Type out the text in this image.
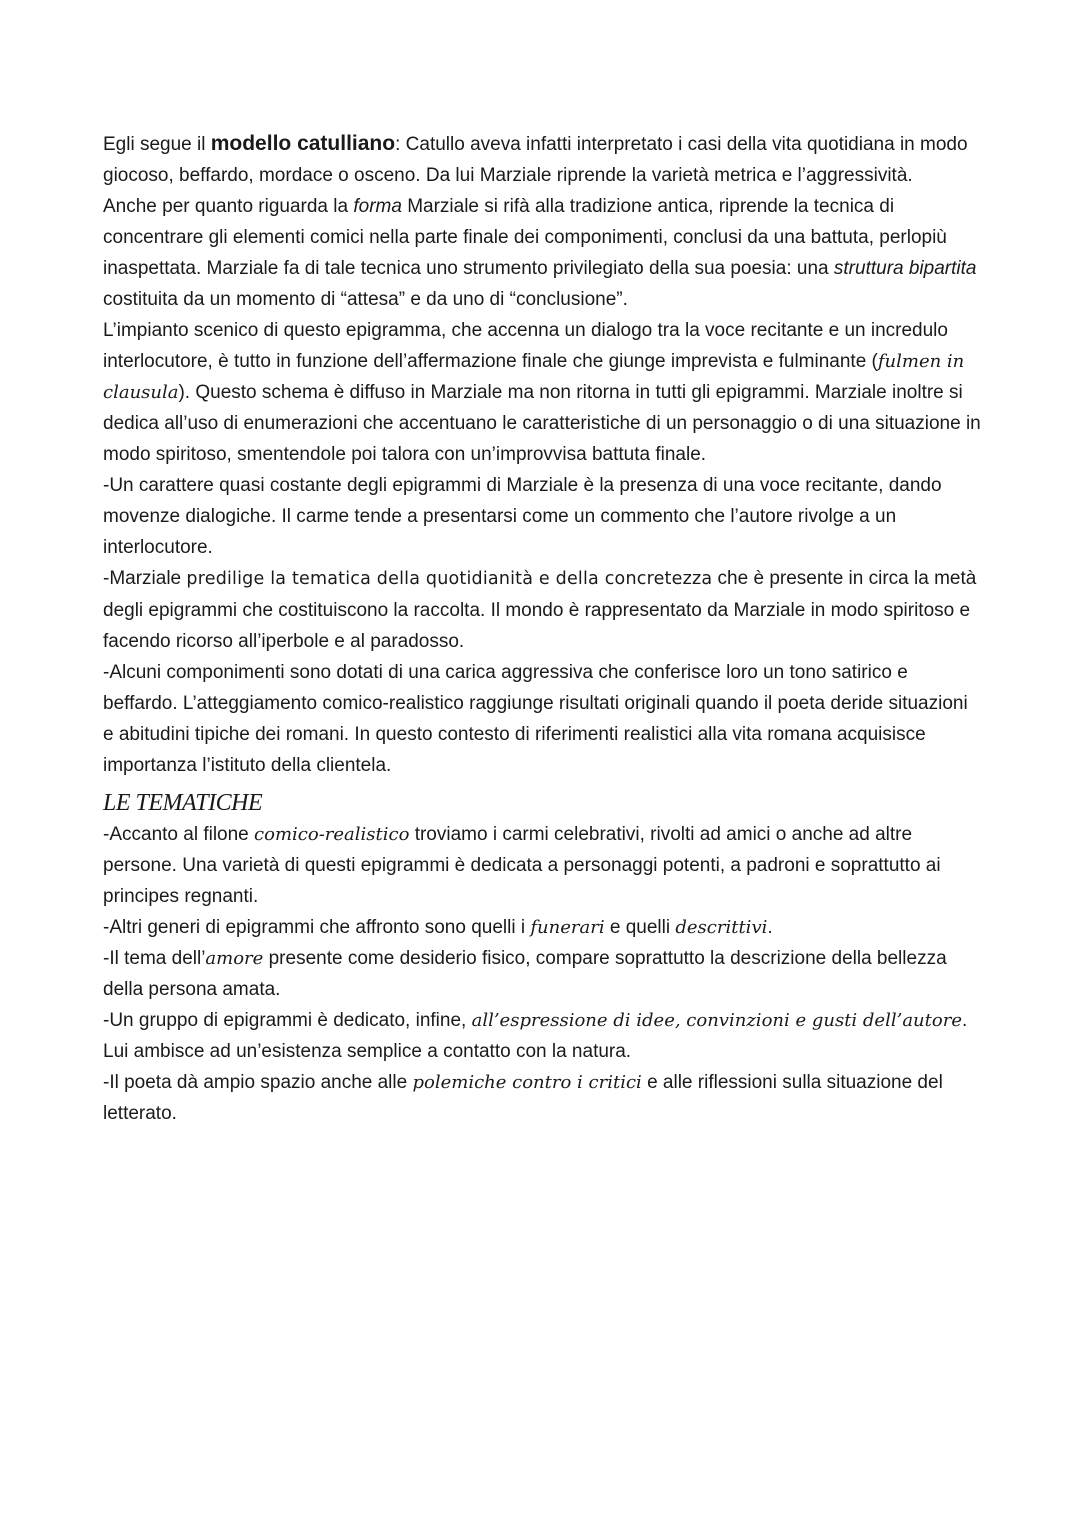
Egli segue il modello catulliano: Catullo aveva infatti interpretato i casi della vita quotidiana in modo giocoso, beffardo, mordace o osceno. Da lui Marziale riprende la varietà metrica e l’aggressività.

Anche per quanto riguarda la forma Marziale si rifà alla tradizione antica, riprende la tecnica di concentrare gli elementi comici nella parte finale dei componimenti, conclusi da una battuta, perlopiù inaspettata. Marziale fa di tale tecnica uno strumento privilegiato della sua poesia: una struttura bipartita costituita da un momento di “attesa” e da uno di “conclusione”.

L’impianto scenico di questo epigramma, che accenna un dialogo tra la voce recitante e un incredulo interlocutore, è tutto in funzione dell’affermazione finale che giunge imprevista e fulminante (fulmen in clausula). Questo schema è diffuso in Marziale ma non ritorna in tutti gli epigrammi. Marziale inoltre si dedica all’uso di enumerazioni che accentuano le caratteristiche di un personaggio o di una situazione in modo spiritoso, smentendole poi talora con un’improvvisa battuta finale.

-Un carattere quasi costante degli epigrammi di Marziale è la presenza di una voce recitante, dando movenze dialogiche. Il carme tende a presentarsi come un commento che l’autore rivolge a un interlocutore.

-Marziale predilige la tematica della quotidianità e della concretezza che è presente in circa la metà degli epigrammi che costituiscono la raccolta. Il mondo è rappresentato da Marziale in modo spiritoso e facendo ricorso all’iperbole e al paradosso.

-Alcuni componimenti sono dotati di una carica aggressiva che conferisce loro un tono satirico e beffardo. L’atteggiamento comico-realistico raggiunge risultati originali quando il poeta deride situazioni e abitudini tipiche dei romani. In questo contesto di riferimenti realistici alla vita romana acquisisce importanza l’istituto della clientela.

LE TEMATICHE

-Accanto al filone comico-realistico troviamo i carmi celebrativi, rivolti ad amici o anche ad altre persone. Una varietà di questi epigrammi è dedicata a personaggi potenti, a padroni e soprattutto ai principes regnanti.

-Altri generi di epigrammi che affronto sono quelli i funerari e quelli descrittivi.

-Il tema dell’amore presente come desiderio fisico, compare soprattutto la descrizione della bellezza della persona amata.

-Un gruppo di epigrammi è dedicato, infine, all’espressione di idee, convinzioni e gusti dell’autore. Lui ambisce ad un’esistenza semplice a contatto con la natura.

-Il poeta dà ampio spazio anche alle polemiche contro i critici e alle riflessioni sulla situazione del letterato.
